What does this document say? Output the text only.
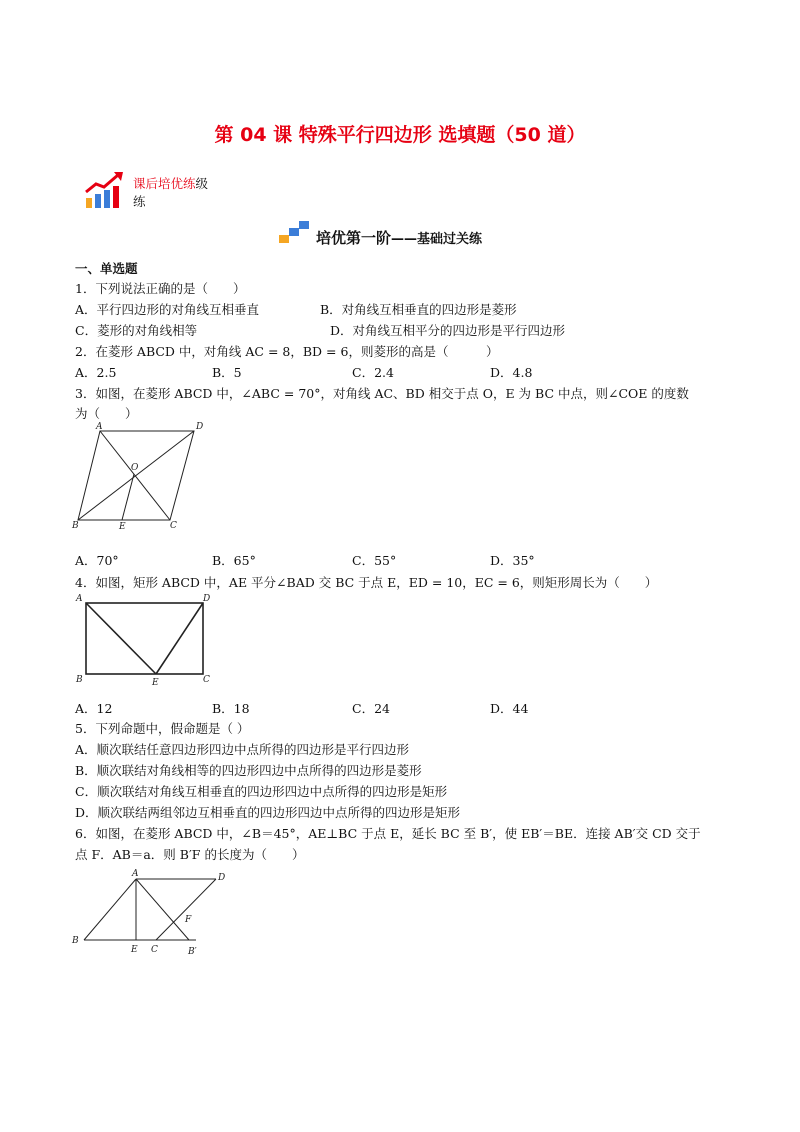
第 04 课 特殊平行四边形 选填题（50 道）
课后培优练级
练
培优第一阶——基础过关练
一、单选题
1．下列说法正确的是（　　）
A．平行四边形的对角线互相垂直	B．对角线互相垂直的四边形是菱形
C．菱形的对角线相等	D．对角线互相平分的四边形是平行四边形
2．在菱形 ABCD 中，对角线 AC = 8，BD = 6，则菱形的高是（　　　）
A．2.5	B．5	C．2.4	D．4.8
3．如图，在菱形 ABCD 中，∠ABC = 70°，对角线 AC、BD 相交于点 O，E 为 BC 中点，则∠COE 的度数
为（　　）
A	D
O
B	E	C
A．70°	B．65°	C．55°	D．35°
4．如图，矩形 ABCD 中，AE 平分∠BAD 交 BC 于点 E，ED = 10，EC = 6，则矩形周长为（　　）
A	D
B	E	C
A．12	B．18	C．24	D．44
5．下列命题中，假命题是（ ）
A．顺次联结任意四边形四边中点所得的四边形是平行四边形
B．顺次联结对角线相等的四边形四边中点所得的四边形是菱形
C．顺次联结对角线互相垂直的四边形四边中点所得的四边形是矩形
D．顺次联结两组邻边互相垂直的四边形四边中点所得的四边形是矩形
6．如图，在菱形 ABCD 中，∠B＝45°，AE⊥BC 于点 E，延长 BC 至 B′，使 EB′＝BE．连接 AB′交 CD 交于
点 F．AB＝a．则 B′F 的长度为（　　）
A	D
F
B
E C	B′
